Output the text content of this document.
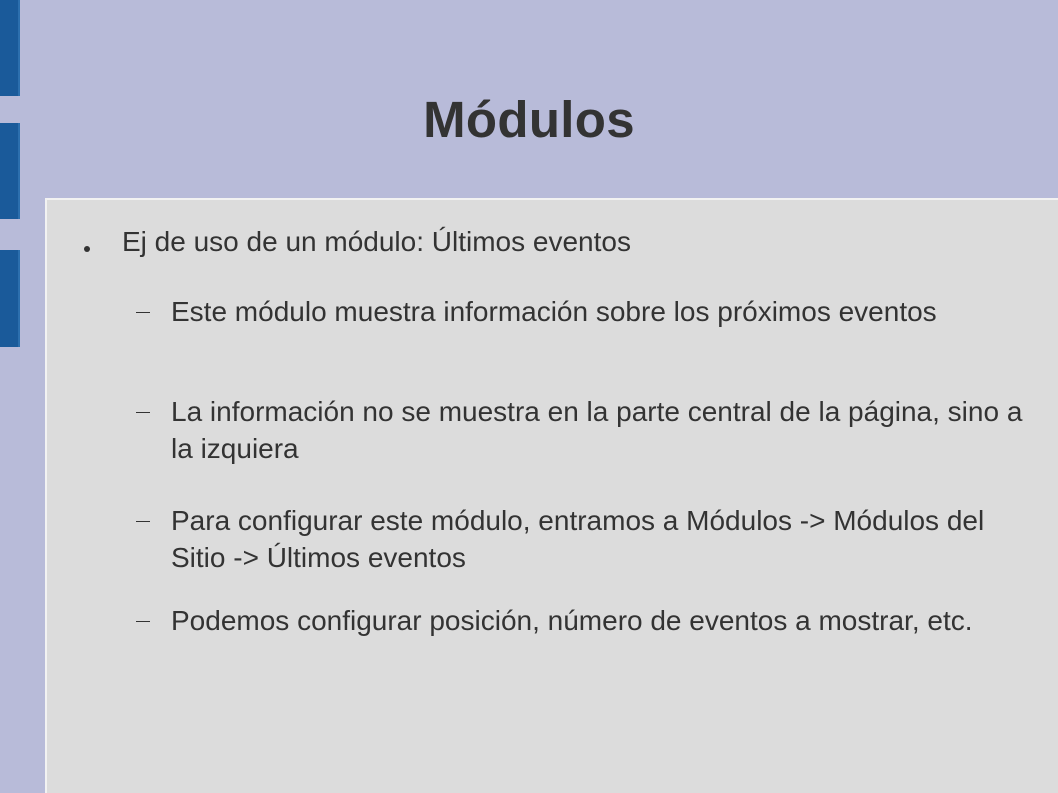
Módulos
Ej de uso de un módulo: Últimos eventos
Este módulo muestra información sobre los próximos eventos
La información no se muestra en la parte central de la página, sino a la izquiera
Para configurar este módulo, entramos a Módulos -> Módulos del Sitio -> Últimos eventos
Podemos configurar posición, número de eventos a mostrar, etc.
